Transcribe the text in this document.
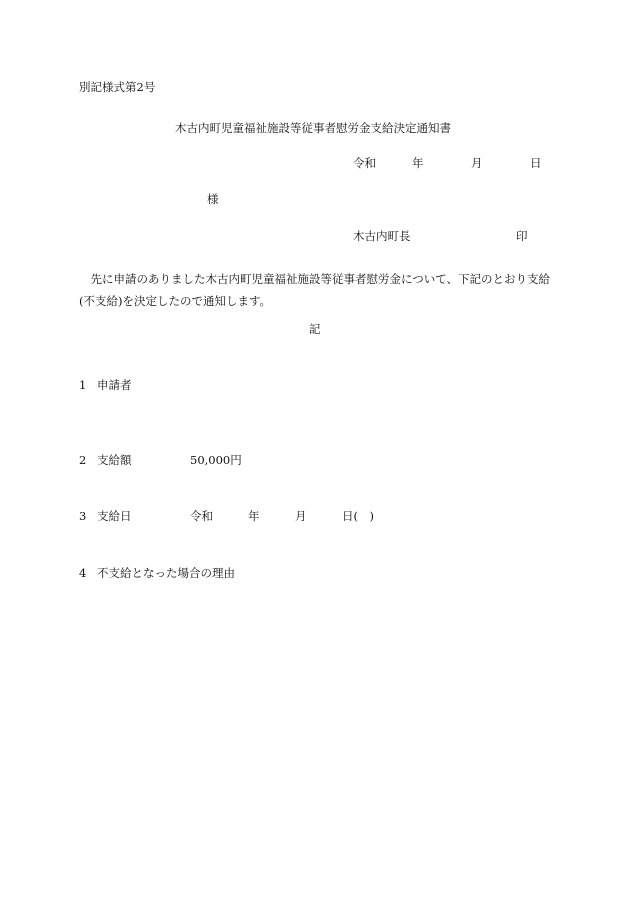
別記様式第2号
木古内町児童福祉施設等従事者慰労金支給決定通知書
令和	年	月	日
様
木古内町長	印
先に申請のありました木古内町児童福祉施設等従事者慰労金について、下記のとおり支給(不支給)を決定したので通知します。
記
1 申請者
2 支給額	50,000円
3 支給日	令和	年	月	日(　)
4 不支給となった場合の理由
